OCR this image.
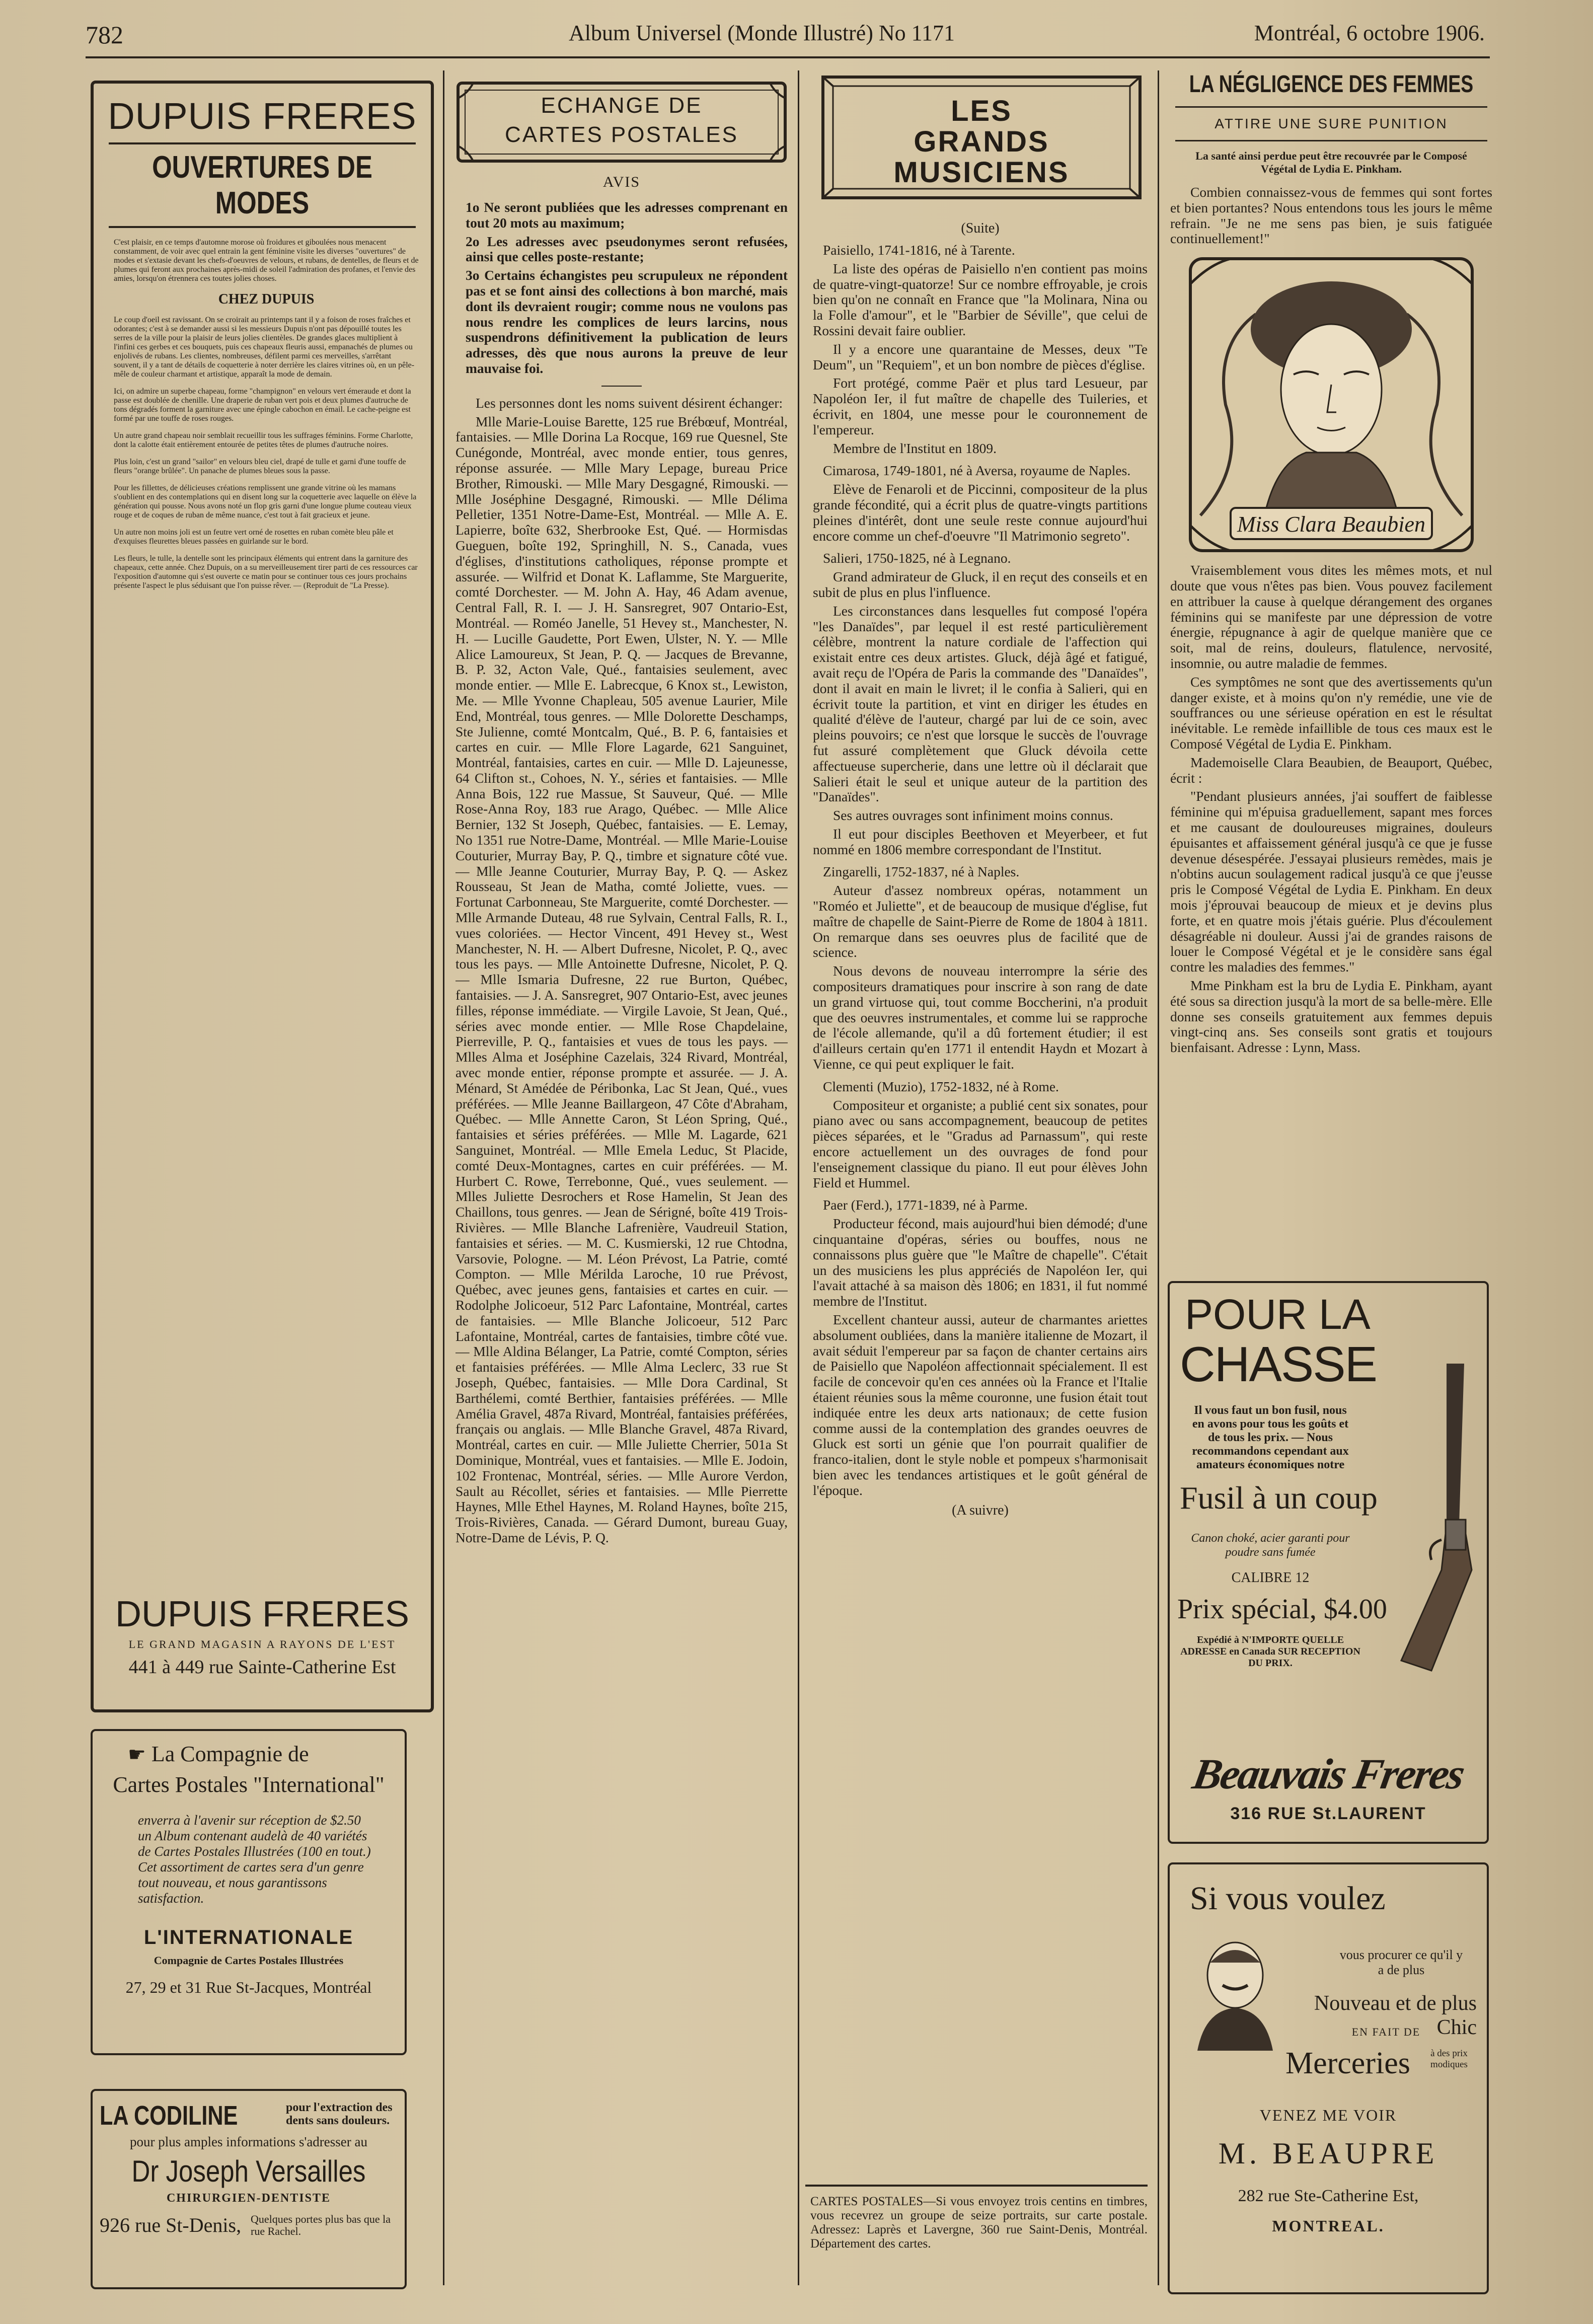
782	Album Universel (Monde Illustré) No 1171	Montréal, 6 octobre 1906.
DUPUIS FRERES
OUVERTURES DE MODES

C'est plaisir, en ce temps d'automne morose où froidures et giboulées nous menacent constamment, de voir avec quel entrain la gent féminine visite les diverses "ouvertures" de modes et s'extasie devant les chefs-d'oeuvres de velours, et rubans, de dentelles, de fleurs et de plumes qui feront aux prochaines après-midi de soleil l'admiration des profanes, et l'envie des amies, lorsqu'on étrennera ces toutes jolies choses.

CHEZ DUPUIS

Le coup d'oeil est ravissant. On se croirait au printemps tant il y a foison de roses fraîches et odorantes; c'est à se demander aussi si les messieurs Dupuis n'ont pas dépouillé toutes les serres de la ville pour la plaisir de leurs jolies clientèles. De grandes glaces multiplient à l'infini ces gerbes et ces bouquets, puis ces chapeaux fleuris aussi, empanachés de plumes ou enjolivés de rubans. Les clientes, nombreuses, défilent parmi ces merveilles, s'arrêtant souvent, il y a tant de détails de coquetterie à noter derrière les claires vitrines où, en un pêle-mêle de couleur charmant et artistique, apparaît la mode de demain.

Ici, on admire un superbe chapeau, forme "champignon" en velours vert émeraude et dont la passe est doublée de chenille. Une draperie de ruban vert pois et deux plumes d'autruche de tons dégradés forment la garniture avec une épingle cabochon en émail. Le cache-peigne est formé par une touffe de roses rouges.

Un autre grand chapeau noir semblait recueillir tous les suffrages féminins. Forme Charlotte, dont la calotte était entièrement entourée de petites têtes de plumes d'autruche noires.

Plus loin, c'est un grand "sailor" en velours bleu ciel, drapé de tulle et garni d'une touffe de fleurs "orange brûlée". Un panache de plumes bleues sous la passe.

Pour les fillettes, de délicieuses créations remplissent une grande vitrine où les mamans s'oublient en des contemplations qui en disent long sur la coquetterie avec laquelle on élève la génération qui pousse. Nous avons noté un flop gris garni d'une longue plume couteau vieux rouge et de coques de ruban de même nuance, c'est tout à fait gracieux et jeune.

Un autre non moins joli est un feutre vert orné de rosettes en ruban comète bleu pâle et d'exquises fleurettes bleues passées en guirlande sur le bord.

Les fleurs, le tulle, la dentelle sont les principaux éléments qui entrent dans la garniture des chapeaux, cette année. Chez Dupuis, on a su merveilleusement tirer parti de ces ressources car l'exposition d'automne qui s'est ouverte ce matin pour se continuer tous ces jours prochains présente l'aspect le plus séduisant que l'on puisse rêver. — (Reproduit de "La Presse).

DUPUIS FRERES
LE GRAND MAGASIN A RAYONS DE L'EST
441 à 449 rue Sainte-Catherine Est
☛ La Compagnie de
Cartes Postales "International"
enverra à l'avenir sur réception de $2.50 un Album contenant audelà de 40 variétés de Cartes Postales Illustrées (100 en tout.) Cet assortiment de cartes sera d'un genre tout nouveau, et nous garantissons satisfaction.
L'INTERNATIONALE
Compagnie de Cartes Postales Illustrées
27, 29 et 31 Rue St-Jacques, Montréal
LA CODILINE	pour l'extraction des dents sans douleurs.
pour plus amples informations s'adresser au
Dr Joseph Versailles
CHIRURGIEN-DENTISTE
926 rue St-Denis, Quelques portes plus bas que la rue Rachel.
ECHANGE DE
CARTES POSTALES
AVIS

1o Ne seront publiées que les adresses comprenant en tout 20 mots au maximum;

2o Les adresses avec pseudonymes seront refusées, ainsi que celles poste-restante;

3o Certains échangistes peu scrupuleux ne répondent pas et se font ainsi des collections à bon marché, mais dont ils devraient rougir; comme nous ne voulons pas nous rendre les complices de leurs larcins, nous suspendrons définitivement la publication de leurs adresses, dès que nous aurons la preuve de leur mauvaise foi.

Les personnes dont les noms suivent désirent échanger:

Mlle Marie-Louise Barette, 125 rue Brébœuf, Montréal, fantaisies. — Mlle Dorina La Rocque, 169 rue Quesnel, Ste Cunégonde, Montréal, avec monde entier, tous genres, réponse assurée. — Mlle Mary Lepage, bureau Price Brother, Rimouski. — Mlle Mary Desgagné, Rimouski. — Mlle Joséphine Desgagné, Rimouski. — Mlle Délima Pelletier, 1351 Notre-Dame-Est, Montréal. — Mlle A. E. Lapierre, boîte 632, Sherbrooke Est, Qué. — Hormisdas Gueguen, boîte 192, Springhill, N. S., Canada, vues d'églises, d'institutions catholiques, réponse prompte et assurée. — Wilfrid et Donat K. Laflamme, Ste Marguerite, comté Dorchester. — M. John A. Hay, 46 Adam avenue, Central Fall, R. I. — J. H. Sansregret, 907 Ontario-Est, Montréal. — Roméo Janelle, 51 Hevey st., Manchester, N. H. — Lucille Gaudette, Port Ewen, Ulster, N. Y. — Mlle Alice Lamoureux, St Jean, P. Q. — Jacques de Brevanne, B. P. 32, Acton Vale, Qué., fantaisies seulement, avec monde entier. — Mlle E. Labrecque, 6 Knox st., Lewiston, Me. — Mlle Yvonne Chapleau, 505 avenue Laurier, Mile End, Montréal, tous genres. — Mlle Dolorette Deschamps, Ste Julienne, comté Montcalm, Qué., B. P. 6, fantaisies et cartes en cuir. — Mlle Flore Lagarde, 621 Sanguinet, Montréal, fantaisies, cartes en cuir. — Mlle D. Lajeunesse, 64 Clifton st., Cohoes, N. Y., séries et fantaisies. — Mlle Anna Bois, 122 rue Massue, St Sauveur, Qué. — Mlle Rose-Anna Roy, 183 rue Arago, Québec. — Mlle Alice Bernier, 132 St Joseph, Québec, fantaisies. — E. Lemay, No 1351 rue Notre-Dame, Montréal. — Mlle Marie-Louise Couturier, Murray Bay, P. Q., timbre et signature côté vue. — Mlle Jeanne Couturier, Murray Bay, P. Q. — Askez Rousseau, St Jean de Matha, comté Joliette, vues. — Fortunat Carbonneau, Ste Marguerite, comté Dorchester. — Mlle Armande Duteau, 48 rue Sylvain, Central Falls, R. I., vues coloriées. — Hector Vincent, 491 Hevey st., West Manchester, N. H. — Albert Dufresne, Nicolet, P. Q., avec tous les pays. — Mlle Antoinette Dufresne, Nicolet, P. Q. — Mlle Ismaria Dufresne, 22 rue Burton, Québec, fantaisies. — J. A. Sansregret, 907 Ontario-Est, avec jeunes filles, réponse immédiate. — Virgile Lavoie, St Jean, Qué., séries avec monde entier. — Mlle Rose Chapdelaine, Pierreville, P. Q., fantaisies et vues de tous les pays. — Mlles Alma et Joséphine Cazelais, 324 Rivard, Montréal, avec monde entier, réponse prompte et assurée. — J. A. Ménard, St Amédée de Péribonka, Lac St Jean, Qué., vues préférées. — Mlle Jeanne Baillargeon, 47 Côte d'Abraham, Québec. — Mlle Annette Caron, St Léon Spring, Qué., fantaisies et séries préférées. — Mlle M. Lagarde, 621 Sanguinet, Montréal. — Mlle Emela Leduc, St Placide, comté Deux-Montagnes, cartes en cuir préférées. — M. Hurbert C. Rowe, Terrebonne, Qué., vues seulement. — Mlles Juliette Desrochers et Rose Hamelin, St Jean des Chaillons, tous genres. — Jean de Sérigné, boîte 419 Trois-Rivières. — Mlle Blanche Lafrenière, Vaudreuil Station, fantaisies et séries. — M. C. Kusmierski, 12 rue Chtodna, Varsovie, Pologne. — M. Léon Prévost, La Patrie, comté Compton. — Mlle Mérilda Laroche, 10 rue Prévost, Québec, avec jeunes gens, fantaisies et cartes en cuir. — Rodolphe Jolicoeur, 512 Parc Lafontaine, Montréal, cartes de fantaisies. — Mlle Blanche Jolicoeur, 512 Parc Lafontaine, Montréal, cartes de fantaisies, timbre côté vue. — Mlle Aldina Bélanger, La Patrie, comté Compton, séries et fantaisies préférées. — Mlle Alma Leclerc, 33 rue St Joseph, Québec, fantaisies. — Mlle Dora Cardinal, St Barthélemi, comté Berthier, fantaisies préférées. — Mlle Amélia Gravel, 487a Rivard, Montréal, fantaisies préférées, français ou anglais. — Mlle Blanche Gravel, 487a Rivard, Montréal, cartes en cuir. — Mlle Juliette Cherrier, 501a St Dominique, Montréal, vues et fantaisies. — Mlle E. Jodoin, 102 Frontenac, Montréal, séries. — Mlle Aurore Verdon, Sault au Récollet, séries et fantaisies. — Mlle Pierrette Haynes, Mlle Ethel Haynes, M. Roland Haynes, boîte 215, Trois-Rivières, Canada. — Gérard Dumont, bureau Guay, Notre-Dame de Lévis, P. Q.

LES
GRANDS
MUSICIENS
(Suite)

Paisiello, 1741-1816, né à Tarente.

La liste des opéras de Paisiello n'en contient pas moins de quatre-vingt-quatorze! Sur ce nombre effroyable, je crois bien qu'on ne connaît en France que "la Molinara, Nina ou la Folle d'amour", et le "Barbier de Séville", que celui de Rossini devait faire oublier.

Il y a encore une quarantaine de Messes, deux "Te Deum", un "Requiem", et un bon nombre de pièces d'église.

Fort protégé, comme Paër et plus tard Lesueur, par Napoléon Ier, il fut maître de chapelle des Tuileries, et écrivit, en 1804, une messe pour le couronnement de l'empereur.

Membre de l'Institut en 1809.

Cimarosa, 1749-1801, né à Aversa, royaume de Naples.

Elève de Fenaroli et de Piccinni, compositeur de la plus grande fécondité, qui a écrit plus de quatre-vingts partitions pleines d'intérêt, dont une seule reste connue aujourd'hui encore comme un chef-d'oeuvre "Il Matrimonio segreto".

Salieri, 1750-1825, né à Legnano.

Grand admirateur de Gluck, il en reçut des conseils et en subit de plus en plus l'influence.

Les circonstances dans lesquelles fut composé l'opéra "les Danaïdes", par lequel il est resté particulièrement célèbre, montrent la nature cordiale de l'affection qui existait entre ces deux artistes. Gluck, déjà âgé et fatigué, avait reçu de l'Opéra de Paris la commande des "Danaïdes", dont il avait en main le livret; il le confia à Salieri, qui en écrivit toute la partition, et vint en diriger les études en qualité d'élève de l'auteur, chargé par lui de ce soin, avec pleins pouvoirs; ce n'est que lorsque le succès de l'ouvrage fut assuré complètement que Gluck dévoila cette affectueuse supercherie, dans une lettre où il déclarait que Salieri était le seul et unique auteur de la partition des "Danaïdes".

Ses autres ouvrages sont infiniment moins connus.

Il eut pour disciples Beethoven et Meyerbeer, et fut nommé en 1806 membre correspondant de l'Institut.

Zingarelli, 1752-1837, né à Naples.

Auteur d'assez nombreux opéras, notamment un "Roméo et Juliette", et de beaucoup de musique d'église, fut maître de chapelle de Saint-Pierre de Rome de 1804 à 1811. On remarque dans ses oeuvres plus de facilité que de science.

Nous devons de nouveau interrompre la série des compositeurs dramatiques pour inscrire à son rang de date un grand virtuose qui, tout comme Boccherini, n'a produit que des oeuvres instrumentales, et comme lui se rapproche de l'école allemande, qu'il a dû fortement étudier; il est d'ailleurs certain qu'en 1771 il entendit Haydn et Mozart à Vienne, ce qui peut expliquer le fait.

Clementi (Muzio), 1752-1832, né à Rome.

Compositeur et organiste; a publié cent six sonates, pour piano avec ou sans accompagnement, beaucoup de petites pièces séparées, et le "Gradus ad Parnassum", qui reste encore actuellement un des ouvrages de fond pour l'enseignement classique du piano. Il eut pour élèves John Field et Hummel.

Paer (Ferd.), 1771-1839, né à Parme.

Producteur fécond, mais aujourd'hui bien démodé; d'une cinquantaine d'opéras, séries ou bouffes, nous ne connaissons plus guère que "le Maître de chapelle". C'était un des musiciens les plus appréciés de Napoléon Ier, qui l'avait attaché à sa maison dès 1806; en 1831, il fut nommé membre de l'Institut.

Excellent chanteur aussi, auteur de charmantes ariettes absolument oubliées, dans la manière italienne de Mozart, il avait séduit l'empereur par sa façon de chanter certains airs de Paisiello que Napoléon affectionnait spécialement. Il est facile de concevoir qu'en ces années où la France et l'Italie étaient réunies sous la même couronne, une fusion était tout indiquée entre les deux arts nationaux; de cette fusion comme aussi de la contemplation des grandes oeuvres de Gluck est sorti un génie que l'on pourrait qualifier de franco-italien, dont le style noble et pompeux s'harmonisait bien avec les tendances artistiques et le goût général de l'époque.

(A suivre)
CARTES POSTALES—Si vous envoyez trois centins en timbres, vous recevrez un groupe de seize portraits, sur carte postale. Adressez: Laprès et Lavergne, 360 rue Saint-Denis, Montréal. Département des cartes.
LA NÉGLIGENCE DES FEMMES
ATTIRE UNE SURE PUNITION
La santé ainsi perdue peut être recouvrée par le Composé Végétal de Lydia E. Pinkham.

Combien connaissez-vous de femmes qui sont fortes et bien portantes? Nous entendons tous les jours le même refrain. "Je ne me sens pas bien, je suis fatiguée continuellement!"

Miss Clara Beaubien

Vraisemblement vous dites les mêmes mots, et nul doute que vous n'êtes pas bien. Vous pouvez facilement en attribuer la cause à quelque dérangement des organes féminins qui se manifeste par une dépression de votre énergie, répugnance à agir de quelque manière que ce soit, mal de reins, douleurs, flatulence, nervosité, insomnie, ou autre maladie de femmes.

Ces symptômes ne sont que des avertissements qu'un danger existe, et à moins qu'on n'y remédie, une vie de souffrances ou une sérieuse opération en est le résultat inévitable. Le remède infaillible de tous ces maux est le Composé Végétal de Lydia E. Pinkham.

Mademoiselle Clara Beaubien, de Beauport, Québec, écrit :

"Pendant plusieurs années, j'ai souffert de faiblesse féminine qui m'épuisa graduellement, sapant mes forces et me causant de douloureuses migraines, douleurs épuisantes et affaissement général jusqu'à ce que je fusse devenue désespérée. J'essayai plusieurs remèdes, mais je n'obtins aucun soulagement radical jusqu'à ce que j'eusse pris le Composé Végétal de Lydia E. Pinkham. En deux mois j'éprouvai beaucoup de mieux et je devins plus forte, et en quatre mois j'étais guérie. Plus d'écoulement désagréable ni douleur. Aussi j'ai de grandes raisons de louer le Composé Végétal et je le considère sans égal contre les maladies des femmes."

Mme Pinkham est la bru de Lydia E. Pinkham, ayant été sous sa direction jusqu'à la mort de sa belle-mère. Elle donne ses conseils gratuitement aux femmes depuis vingt-cinq ans. Ses conseils sont gratis et toujours bienfaisant. Adresse : Lynn, Mass.

POUR LA
CHASSE
Il vous faut un bon fusil, nous en avons pour tous les goûts et de tous les prix. — Nous recommandons cependant aux amateurs économiques notre
Fusil à un coup
Canon choké, acier garanti pour poudre sans fumée
CALIBRE 12
Prix spécial, $4.00
Expédié à N'IMPORTE QUELLE ADRESSE en Canada SUR RECEPTION DU PRIX.
Beauvais Freres
316 RUE St.LAURENT
Si vous voulez
vous procurer ce qu'il y a de plus
Nouveau et de plus Chic
EN FAIT DE
Merceries	à des prix modiques
VENEZ ME VOIR
M. BEAUPRE
282 rue Ste-Catherine Est,
MONTREAL.
